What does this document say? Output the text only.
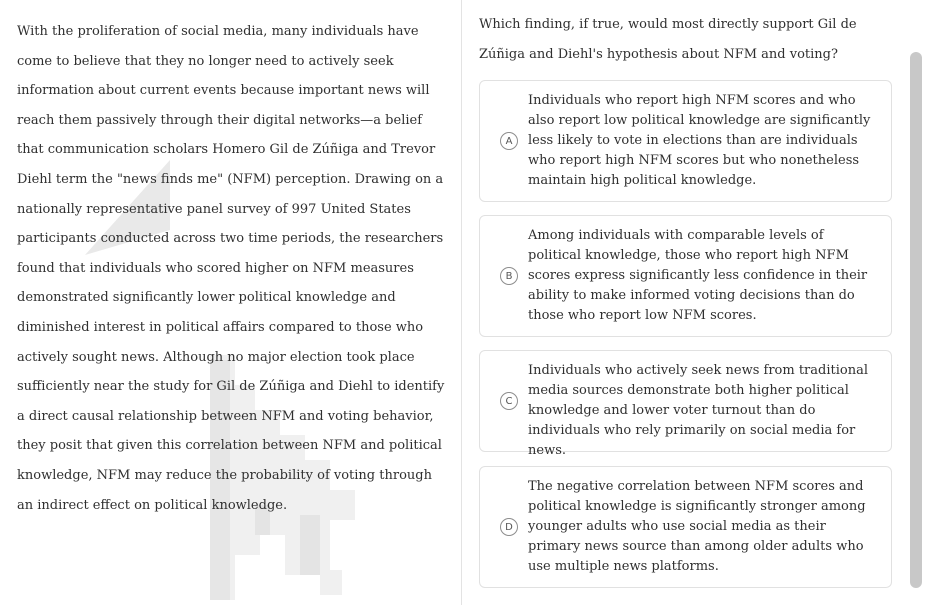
With the proliferation of social media, many individuals have come to believe that they no longer need to actively seek information about current events because important news will reach them passively through their digital networks—a belief that communication scholars Homero Gil de Zúñiga and Trevor Diehl term the "news finds me" (NFM) perception. Drawing on a nationally representative panel survey of 997 United States participants conducted across two time periods, the researchers found that individuals who scored higher on NFM measures demonstrated significantly lower political knowledge and diminished interest in political affairs compared to those who actively sought news. Although no major election took place sufficiently near the study for Gil de Zúñiga and Diehl to identify a direct causal relationship between NFM and voting behavior, they posit that given this correlation between NFM and political knowledge, NFM may reduce the probability of voting through an indirect effect on political knowledge.
Which finding, if true, would most directly support Gil de Zúñiga and Diehl's hypothesis about NFM and voting?
A
Individuals who report high NFM scores and who also report low political knowledge are significantly less likely to vote in elections than are individuals who report high NFM scores but who nonetheless maintain high political knowledge.
B
Among individuals with comparable levels of political knowledge, those who report high NFM scores express significantly less confidence in their ability to make informed voting decisions than do those who report low NFM scores.
C
Individuals who actively seek news from traditional media sources demonstrate both higher political knowledge and lower voter turnout than do individuals who rely primarily on social media for news.
D
The negative correlation between NFM scores and political knowledge is significantly stronger among younger adults who use social media as their primary news source than among older adults who use multiple news platforms.
